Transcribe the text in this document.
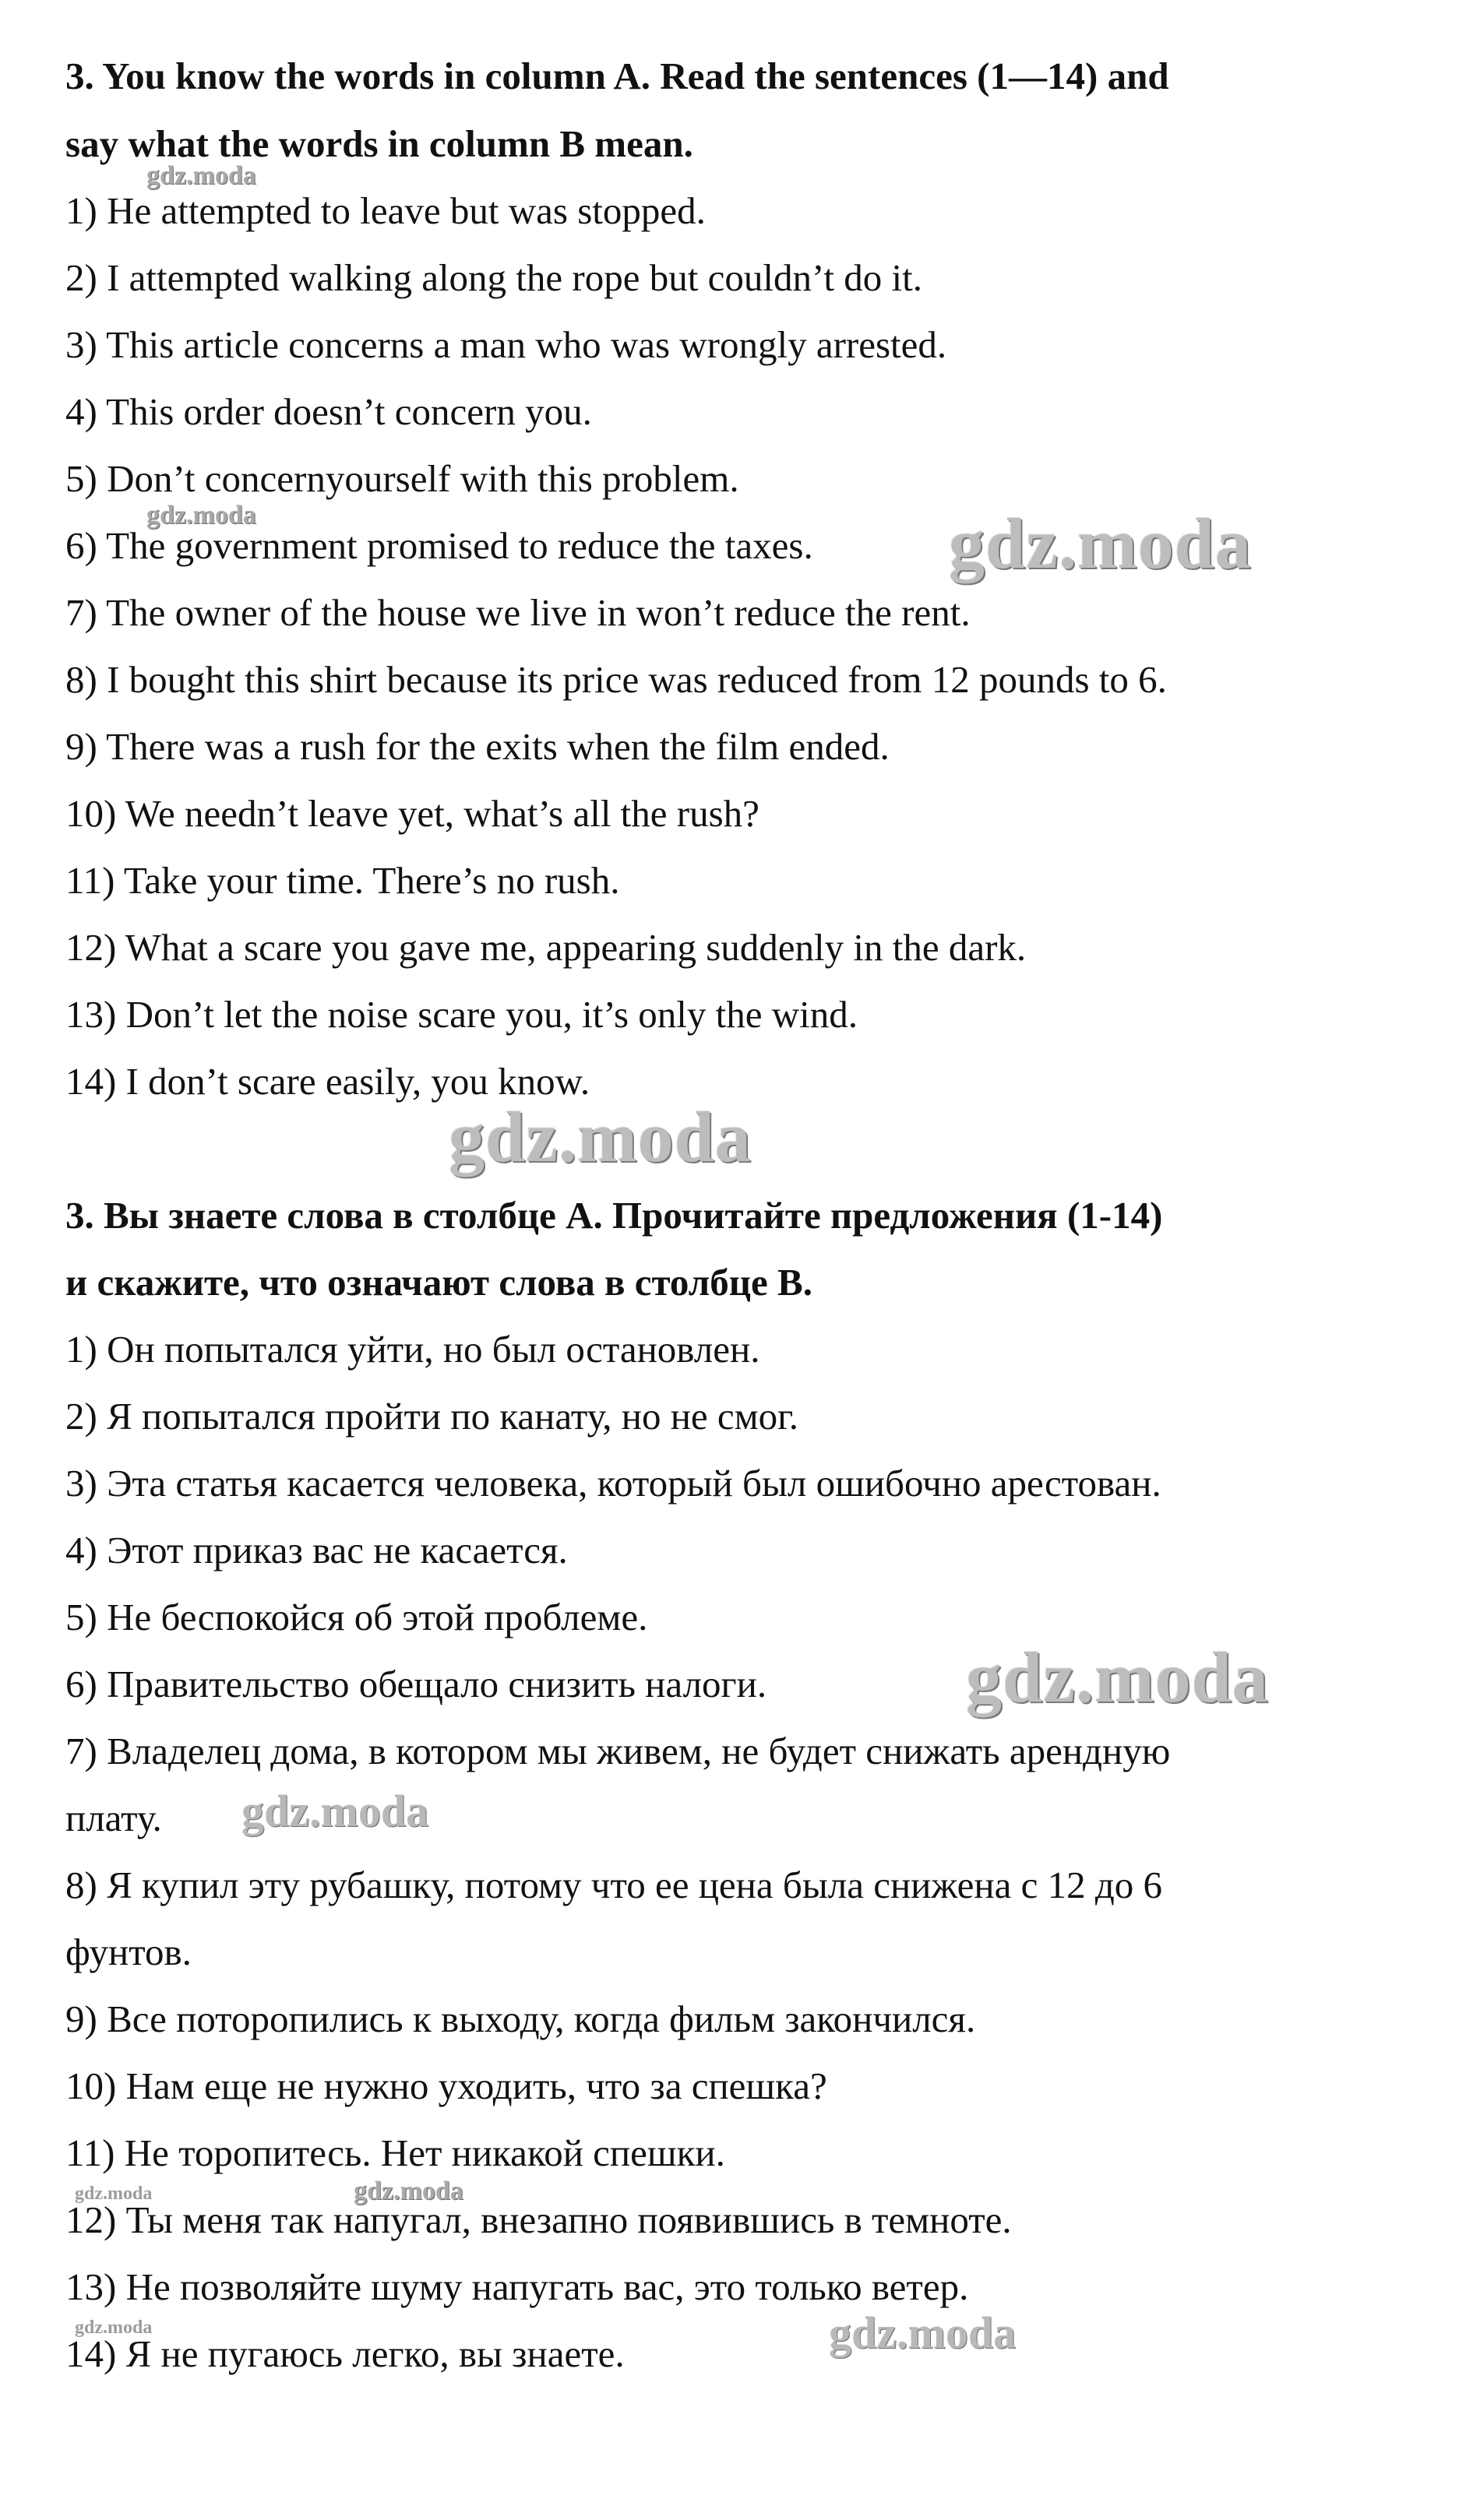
3. You know the words in column A. Read the sentences (1—14) and
say what the words in column B mean.
1) He attempted to leave but was stopped.
2) I attempted walking along the rope but couldn’t do it.
3) This article concerns a man who was wrongly arrested.
4) This order doesn’t concern you.
5) Don’t concernyourself with this problem.
6) The government promised to reduce the taxes.
7) The owner of the house we live in won’t reduce the rent.
8) I bought this shirt because its price was reduced from 12 pounds to 6.
9) There was a rush for the exits when the film ended.
10) We needn’t leave yet, what’s all the rush?
11) Take your time. There’s no rush.
12) What a scare you gave me, appearing suddenly in the dark.
13) Don’t let the noise scare you, it’s only the wind.
14) I don’t scare easily, you know.
3. Вы знаете слова в столбце А. Прочитайте предложения (1-14)
и скажите, что означают слова в столбце В.
1) Он попытался уйти, но был остановлен.
2) Я попытался пройти по канату, но не смог.
3) Эта статья касается человека, который был ошибочно арестован.
4) Этот приказ вас не касается.
5) Не беспокойся об этой проблеме.
6) Правительство обещало снизить налоги.
7) Владелец дома, в котором мы живем, не будет снижать арендную
плату.
8) Я купил эту рубашку, потому что ее цена была снижена с 12 до 6
фунтов.
9) Все поторопились к выходу, когда фильм закончился.
10) Нам еще не нужно уходить, что за спешка?
11) Не торопитесь. Нет никакой спешки.
12) Ты меня так напугал, внезапно появившись в темноте.
13) Не позволяйте шуму напугать вас, это только ветер.
14) Я не пугаюсь легко, вы знаете.
gdz.moda
gdz.moda	gdz.moda
gdz.moda
gdz.moda
gdz.moda
gdz.moda	gdz.moda
gdz.moda	gdz.moda
